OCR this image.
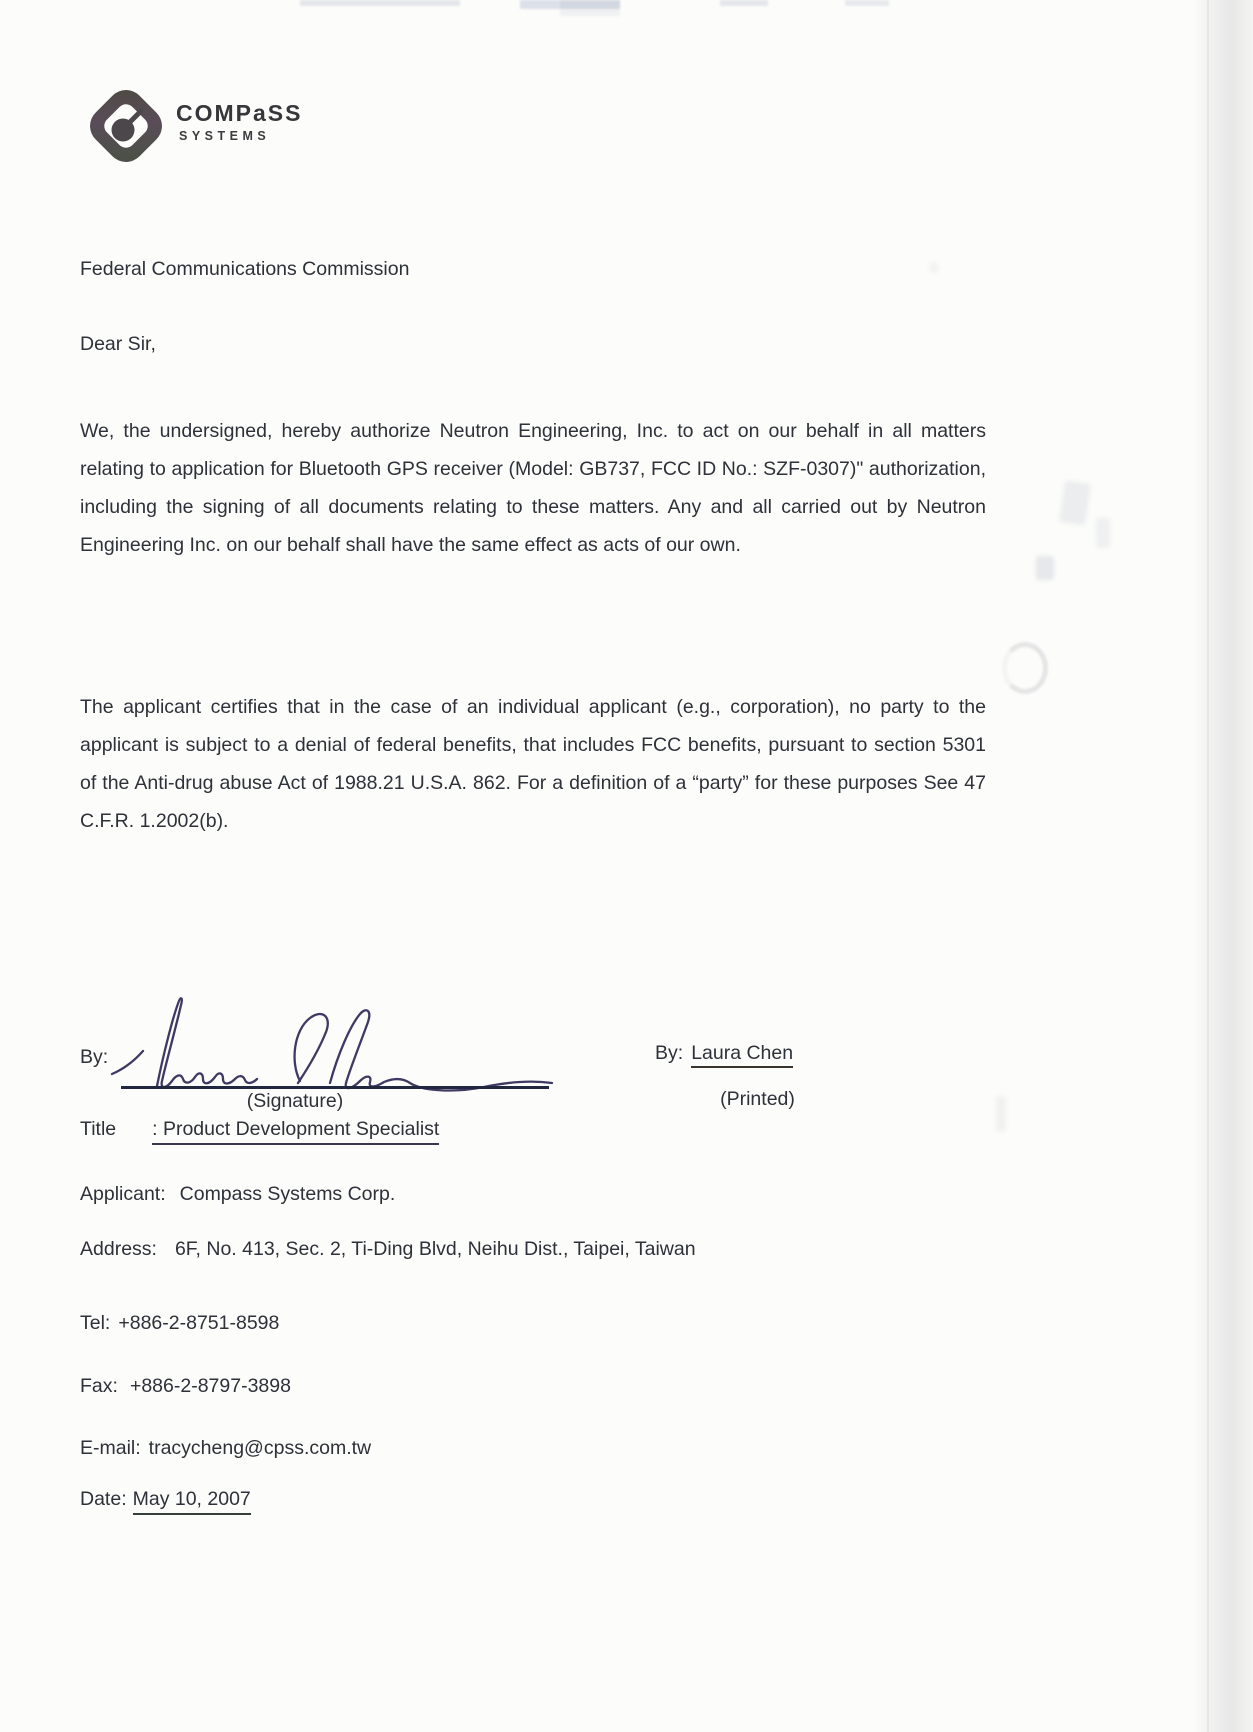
COMPaSS
SYSTEMS
Federal Communications Commission
Dear Sir,
We, the undersigned, hereby authorize Neutron Engineering, Inc. to act on our behalf in all matters relating to application for Bluetooth GPS receiver (Model: GB737, FCC ID No.: SZF-0307)" authorization, including the signing of all documents relating to these matters. Any and all carried out by Neutron Engineering Inc. on our behalf shall have the same effect as acts of our own.
The applicant certifies that in the case of an individual applicant (e.g., corporation), no party to the applicant is subject to a denial of federal benefits, that includes FCC benefits, pursuant to section 5301 of the Anti-drug abuse Act of 1988.21 U.S.A. 862. For a definition of a “party” for these purposes See 47 C.F.R. 1.2002(b).
By:
(Signature)
By: Laura Chen
(Printed)
Title : Product Development Specialist
Applicant: Compass Systems Corp.
Address: 6F, No. 413, Sec. 2, Ti-Ding Blvd, Neihu Dist., Taipei, Taiwan
Tel: +886-2-8751-8598
Fax: +886-2-8797-3898
E-mail: tracycheng@cpss.com.tw
Date: May 10, 2007
